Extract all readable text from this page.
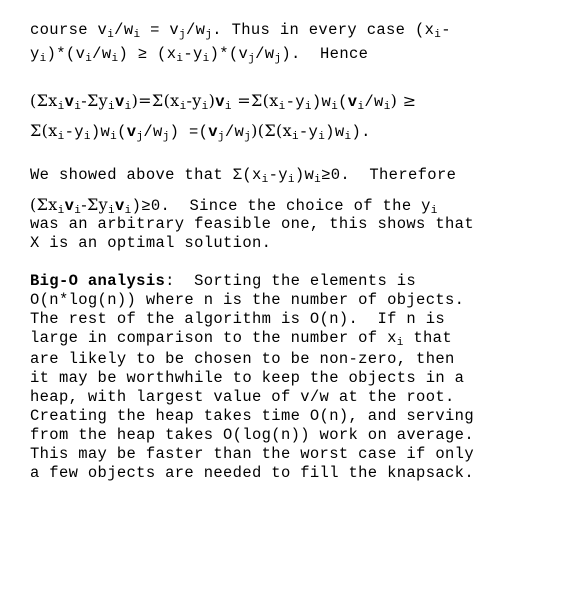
course $v_i/w_i = v_j/w_j$. Thus in every case ($x_i-$
$y_i)*(v_i/w_i) \ge (x_i-y_i)*(v_j/w_j)$.  Hence
$(\Sigma x_iv_i-\Sigma y_iv_i)=\Sigma(x_i-y_i)v_i =\Sigma(x_i-y_i)w_i(v_i/w_i)$ ≥
$\Sigma(x_i-y_i)w_i(v_j/w_j) =(v_j/w_j)(\Sigma(x_i-y_i)w_i)$.
We showed above that $\Sigma(x_i-y_i)w_i\ge 0$.  Therefore
$(\Sigma x_iv_i-\Sigma y_iv_i)\ge 0$.  Since the choice of the $y_i$
was an arbitrary feasible one, this shows that
X is an optimal solution.
Big-O analysis:  Sorting the elements is
O(n*log(n)) where n is the number of objects.
The rest of the algorithm is O(n).  If n is
large in comparison to the number of $x_i$ that
are likely to be chosen to be non-zero, then
it may be worthwhile to keep the objects in a
heap, with largest value of v/w at the root.
Creating the heap takes time O(n), and serving
from the heap takes O(log(n)) work on average.
This may be faster than the worst case if only
a few objects are needed to fill the knapsack.
